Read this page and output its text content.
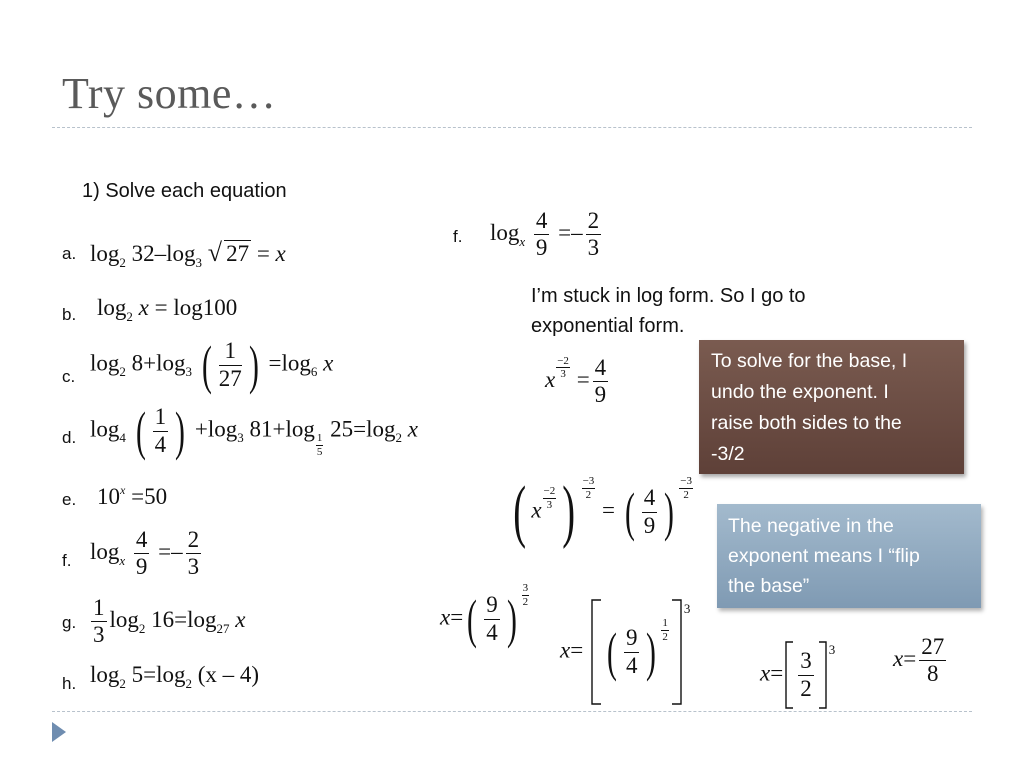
Try some…
1) Solve each equation
a.
b.
c.
d.
e.
f.
g.
h.
$\log_2 32-\log_3$ √ 27 = x
$\log_2 x = \log 100$
$\log_2 8+\log_3$ ( $\frac{1}{27}$ ) $=\log_6$ x
$\log_4$ ( $\frac{1}{4}$ ) $+\log_3$ 81+log
$\frac{1}{5}$
$25=\log_2$ x
$10^x =50$
$\log_x \frac{4}{9} =- \frac{2}{3}$
$\frac{1}{3} \log_2 16=\log_{27}$ x
$\log_2 5=\log_2$ (x – 4)
f. $\log_x \frac{4}{9} =- \frac{2}{3}$
I’m stuck in log form. So I go to
exponential form.
x $\frac{-2}{3} = \frac{4}{9}$
( x $\frac{-2}{3}$ ) $\frac{-3}{2}$
= ( $\frac{4}{9}$ ) $\frac{-3}{2}$
$x=( \frac{9}{4}$ ) $\frac{3}{2}$
x= ( $\frac{9}{4}$ ) $\frac{1}{2}$
$^3$
$x= \frac{3}{2} ^3$	$x= \frac{27}{8}$
To solve for the base, I
undo the exponent. I
raise both sides to the
-3/2
The negative in the
exponent means I “flip
the base”
